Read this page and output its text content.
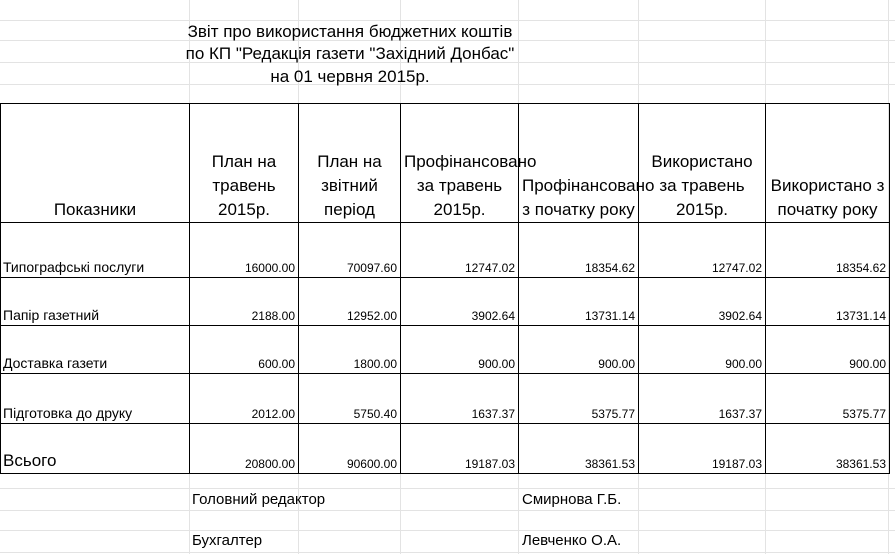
Звіт про використання бюджетних коштів
по КП "Редакція газети "Західний Донбас"
на 01 червня 2015р.
Показники	План на травень 2015р.	План на звітний період	Профінансовано за травень 2015р.	Профінансовано з початку року	Використано за травень 2015р.	Використано з початку року
Типографські послуги	16000.00	70097.60	12747.02	18354.62	12747.02	18354.62
Папір газетний	2188.00	12952.00	3902.64	13731.14	3902.64	13731.14
Доставка газети	600.00	1800.00	900.00	900.00	900.00	900.00
Підготовка до друку	2012.00	5750.40	1637.37	5375.77	1637.37	5375.77
Всього	20800.00	90600.00	19187.03	38361.53	19187.03	38361.53
Головний редактор	Смирнова Г.Б.
Бухгалтер	Левченко О.А.
